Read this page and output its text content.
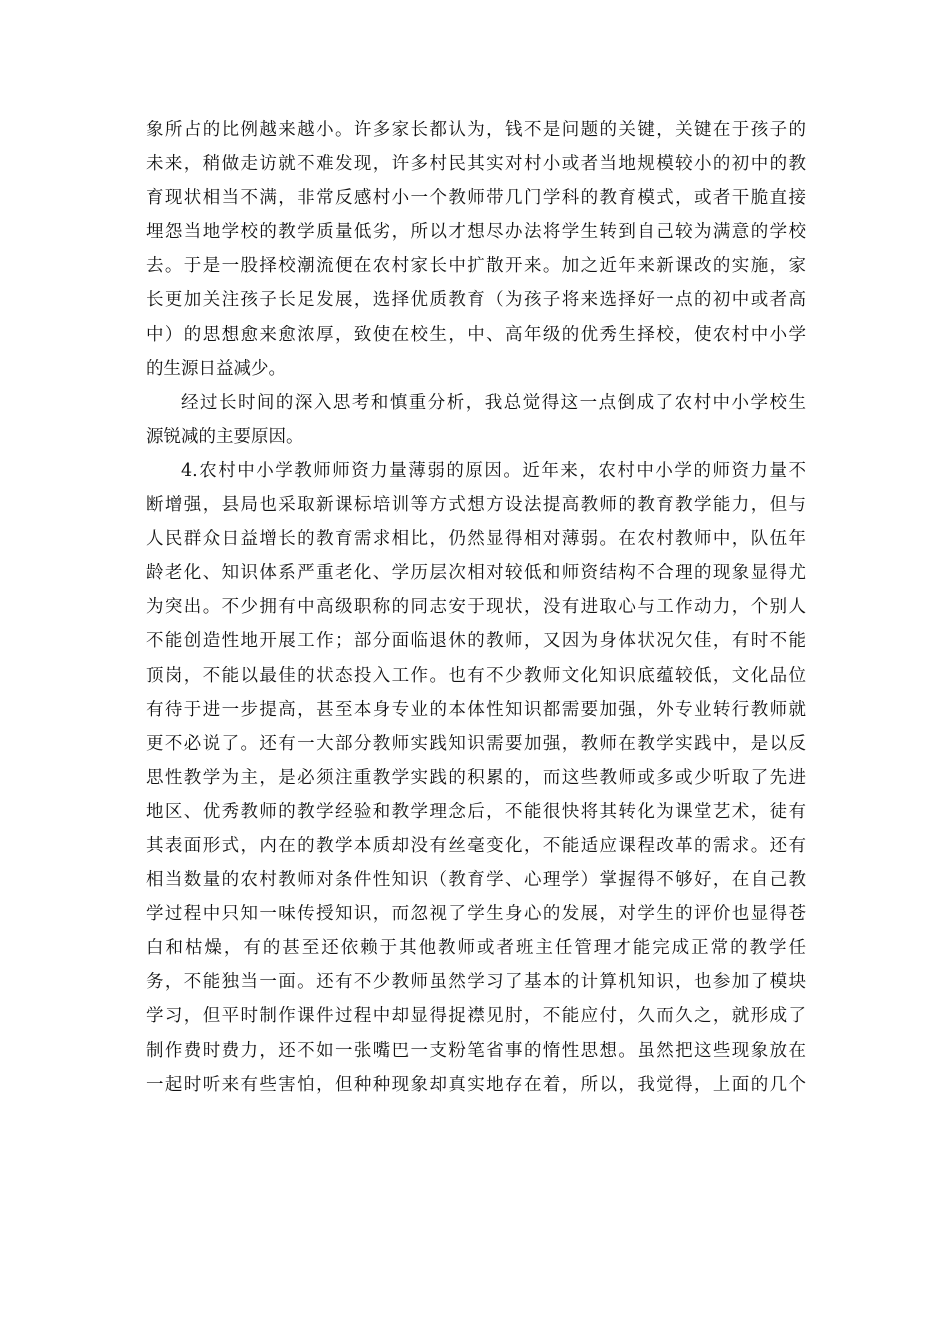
象所占的比例越来越小。许多家长都认为，钱不是问题的关键，关键在于孩子的
未来，稍做走访就不难发现，许多村民其实对村小或者当地规模较小的初中的教
育现状相当不满，非常反感村小一个教师带几门学科的教育模式，或者干脆直接
埋怨当地学校的教学质量低劣，所以才想尽办法将学生转到自己较为满意的学校
去。于是一股择校潮流便在农村家长中扩散开来。加之近年来新课改的实施，家
长更加关注孩子长足发展，选择优质教育（为孩子将来选择好一点的初中或者高
中）的思想愈来愈浓厚，致使在校生，中、高年级的优秀生择校，使农村中小学
的生源日益减少。
经过长时间的深入思考和慎重分析，我总觉得这一点倒成了农村中小学校生
源锐减的主要原因。
4.农村中小学教师师资力量薄弱的原因。近年来，农村中小学的师资力量不
断增强，县局也采取新课标培训等方式想方设法提高教师的教育教学能力，但与
人民群众日益增长的教育需求相比，仍然显得相对薄弱。在农村教师中，队伍年
龄老化、知识体系严重老化、学历层次相对较低和师资结构不合理的现象显得尤
为突出。不少拥有中高级职称的同志安于现状，没有进取心与工作动力，个别人
不能创造性地开展工作；部分面临退休的教师，又因为身体状况欠佳，有时不能
顶岗，不能以最佳的状态投入工作。也有不少教师文化知识底蕴较低，文化品位
有待于进一步提高，甚至本身专业的本体性知识都需要加强，外专业转行教师就
更不必说了。还有一大部分教师实践知识需要加强，教师在教学实践中，是以反
思性教学为主，是必须注重教学实践的积累的，而这些教师或多或少听取了先进
地区、优秀教师的教学经验和教学理念后，不能很快将其转化为课堂艺术，徒有
其表面形式，内在的教学本质却没有丝毫变化，不能适应课程改革的需求。还有
相当数量的农村教师对条件性知识（教育学、心理学）掌握得不够好，在自己教
学过程中只知一味传授知识，而忽视了学生身心的发展，对学生的评价也显得苍
白和枯燥，有的甚至还依赖于其他教师或者班主任管理才能完成正常的教学任
务，不能独当一面。还有不少教师虽然学习了基本的计算机知识，也参加了模块
学习，但平时制作课件过程中却显得捉襟见肘，不能应付，久而久之，就形成了
制作费时费力，还不如一张嘴巴一支粉笔省事的惰性思想。虽然把这些现象放在
一起时听来有些害怕，但种种现象却真实地存在着，所以，我觉得，上面的几个
